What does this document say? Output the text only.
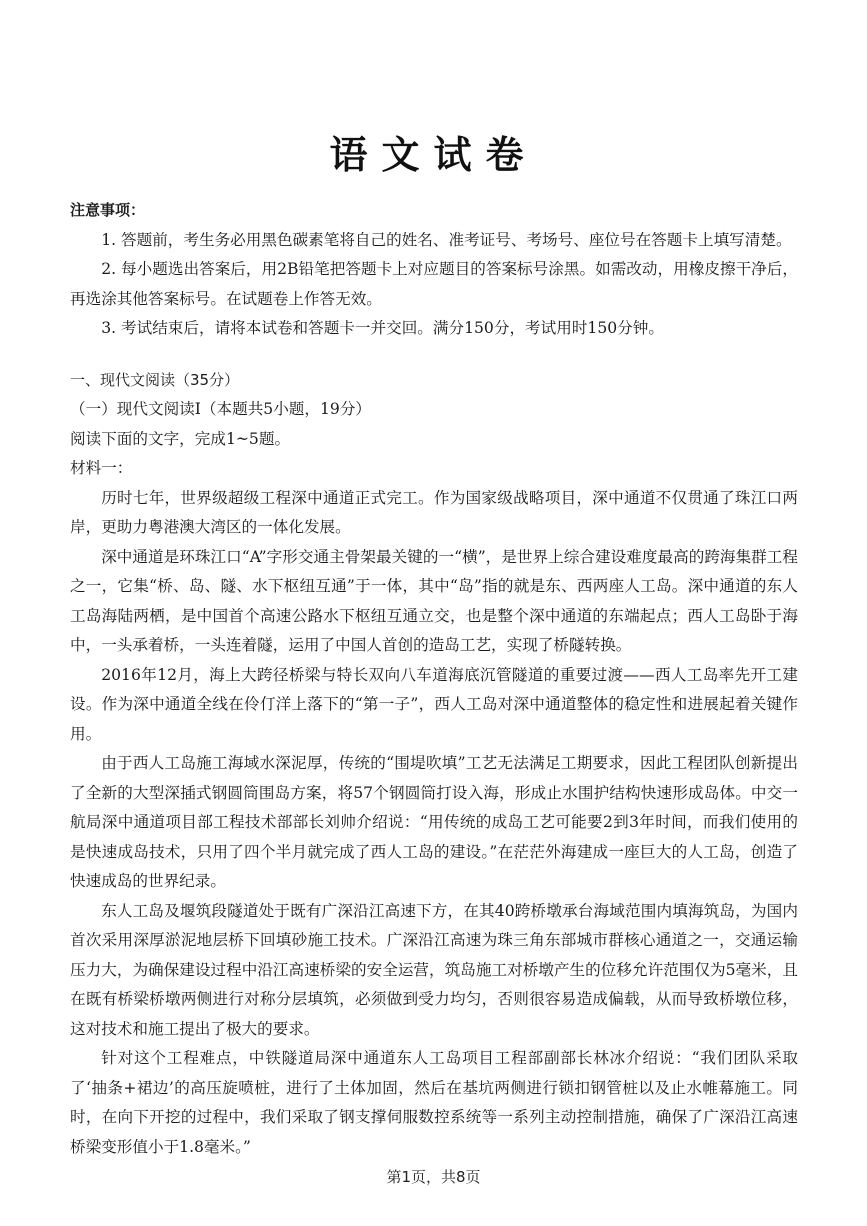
语文试卷

注意事项：

1. 答题前，考生务必用黑色碳素笔将自己的姓名、准考证号、考场号、座位号在答题卡上填写清楚。

2. 每小题选出答案后，用2B铅笔把答题卡上对应题目的答案标号涂黑。如需改动，用橡皮擦干净后，再选涂其他答案标号。在试题卷上作答无效。

3. 考试结束后，请将本试卷和答题卡一并交回。满分150分，考试用时150分钟。

一、现代文阅读（35分）

（一）现代文阅读Ⅰ（本题共5小题，19分）

阅读下面的文字，完成1~5题。

材料一：

历时七年，世界级超级工程深中通道正式完工。作为国家级战略项目，深中通道不仅贯通了珠江口两岸，更助力粤港澳大湾区的一体化发展。

深中通道是环珠江口“A”字形交通主骨架最关键的一“横”，是世界上综合建设难度最高的跨海集群工程之一，它集“桥、岛、隧、水下枢纽互通”于一体，其中“岛”指的就是东、西两座人工岛。深中通道的东人工岛海陆两栖，是中国首个高速公路水下枢纽互通立交，也是整个深中通道的东端起点；西人工岛卧于海中，一头承着桥，一头连着隧，运用了中国人首创的造岛工艺，实现了桥隧转换。

2016年12月，海上大跨径桥梁与特长双向八车道海底沉管隧道的重要过渡——西人工岛率先开工建设。作为深中通道全线在伶仃洋上落下的“第一子”，西人工岛对深中通道整体的稳定性和进展起着关键作用。

由于西人工岛施工海域水深泥厚，传统的“围堤吹填”工艺无法满足工期要求，因此工程团队创新提出了全新的大型深插式钢圆筒围岛方案，将57个钢圆筒打设入海，形成止水围护结构快速形成岛体。中交一航局深中通道项目部工程技术部部长刘帅介绍说：“用传统的成岛工艺可能要2到3年时间，而我们使用的是快速成岛技术，只用了四个半月就完成了西人工岛的建设。”在茫茫外海建成一座巨大的人工岛，创造了快速成岛的世界纪录。

东人工岛及堰筑段隧道处于既有广深沿江高速下方，在其40跨桥墩承台海域范围内填海筑岛，为国内首次采用深厚淤泥地层桥下回填砂施工技术。广深沿江高速为珠三角东部城市群核心通道之一，交通运输压力大，为确保建设过程中沿江高速桥梁的安全运营，筑岛施工对桥墩产生的位移允许范围仅为5毫米，且在既有桥梁桥墩两侧进行对称分层填筑，必须做到受力均匀，否则很容易造成偏载，从而导致桥墩位移，这对技术和施工提出了极大的要求。

针对这个工程难点，中铁隧道局深中通道东人工岛项目工程部副部长林冰介绍说：“我们团队采取了‘抽条+裙边’的高压旋喷桩，进行了土体加固，然后在基坑两侧进行锁扣钢管桩以及止水帷幕施工。同时，在向下开挖的过程中，我们采取了钢支撑伺服数控系统等一系列主动控制措施，确保了广深沿江高速桥梁变形值小于1.8毫米。”

第1页，共8页
